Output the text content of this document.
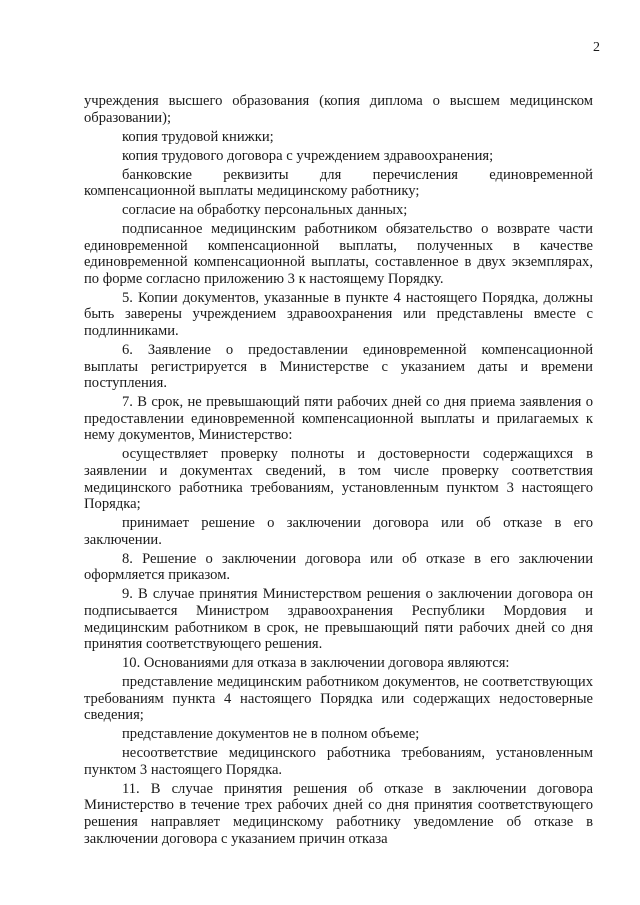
2

учреждения высшего образования (копия диплома о высшем медицинском образовании);

копия трудовой книжки;

копия трудового договора с учреждением здравоохранения;

банковские реквизиты для перечисления единовременной компенсационной выплаты медицинскому работнику;

согласие на обработку персональных данных;

подписанное медицинским работником обязательство о возврате части единовременной компенсационной выплаты, полученных в качестве единовременной компенсационной выплаты, составленное в двух экземплярах, по форме согласно приложению 3 к настоящему Порядку.

5. Копии документов, указанные в пункте 4 настоящего Порядка, должны быть заверены учреждением здравоохранения или представлены вместе с подлинниками.

6. Заявление о предоставлении единовременной компенсационной выплаты регистрируется в Министерстве с указанием даты и времени поступления.

7. В срок, не превышающий пяти рабочих дней со дня приема заявления о предоставлении единовременной компенсационной выплаты и прилагаемых к нему документов, Министерство:

осуществляет проверку полноты и достоверности содержащихся в заявлении и документах сведений, в том числе проверку соответствия медицинского работника требованиям, установленным пунктом 3 настоящего Порядка;

принимает решение о заключении договора или об отказе в его заключении.

8. Решение о заключении договора или об отказе в его заключении оформляется приказом.

9. В случае принятия Министерством решения о заключении договора он подписывается Министром здравоохранения Республики Мордовия и медицинским работником в срок, не превышающий пяти рабочих дней со дня принятия соответствующего решения.

10. Основаниями для отказа в заключении договора являются:

представление медицинским работником документов, не соответствующих требованиям пункта 4 настоящего Порядка или содержащих недостоверные сведения;

представление документов не в полном объеме;

несоответствие медицинского работника требованиям, установленным пунктом 3 настоящего Порядка.

11. В случае принятия решения об отказе в заключении договора Министерство в течение трех рабочих дней со дня принятия соответствующего решения направляет медицинскому работнику уведомление об отказе в заключении договора с указанием причин отказа
